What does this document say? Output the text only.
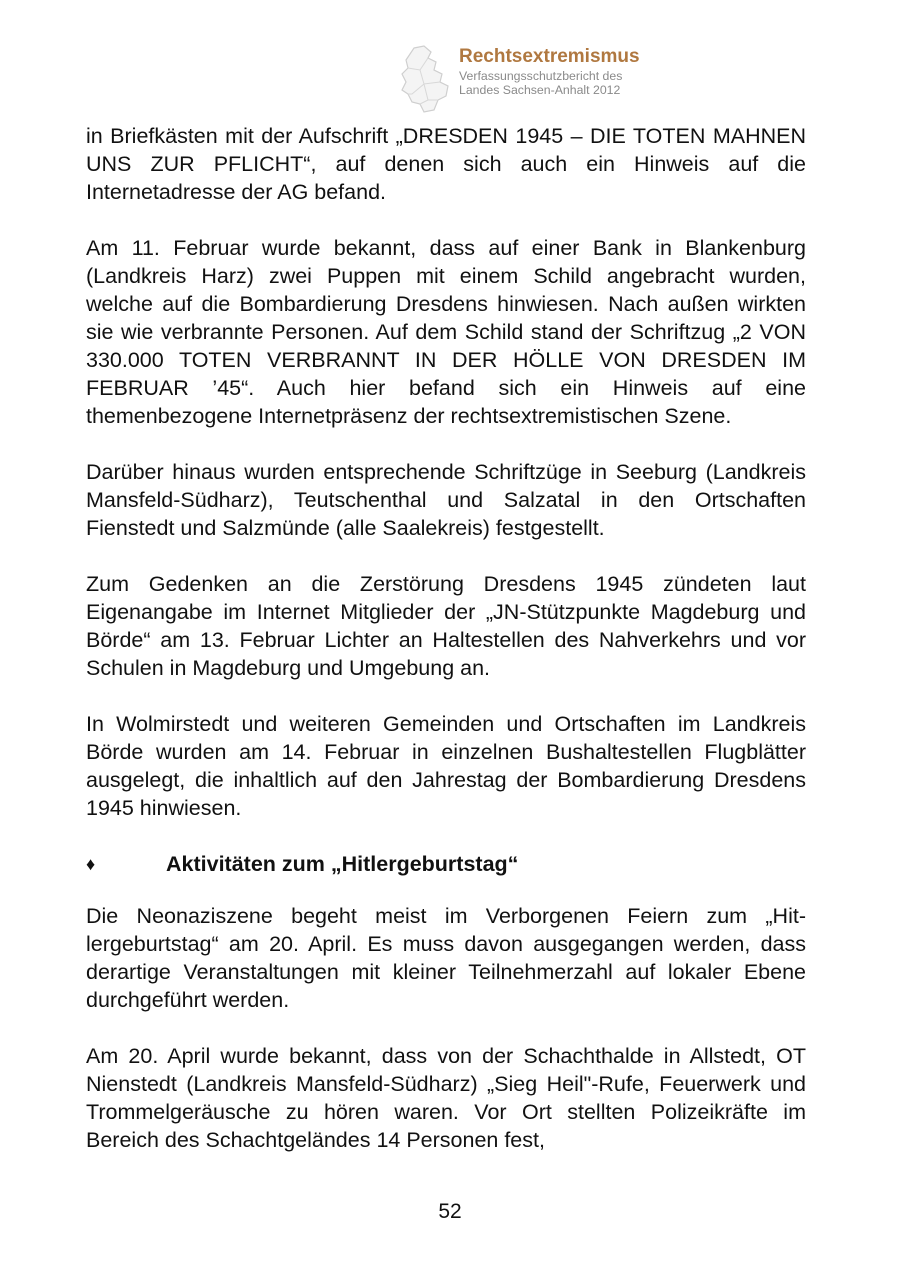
Rechtsextremismus
Verfassungsschutzbericht des
Landes Sachsen-Anhalt 2012

in Briefkästen mit der Aufschrift „DRESDEN 1945 – DIE TOTEN MAHNEN UNS ZUR PFLICHT“, auf denen sich auch ein Hinweis auf die Internetadresse der AG befand.

Am 11. Februar wurde bekannt, dass auf einer Bank in Blankenburg (Landkreis Harz) zwei Puppen mit einem Schild angebracht wurden, welche auf die Bombardierung Dresdens hinwiesen. Nach außen wirkten sie wie verbrannte Personen. Auf dem Schild stand der Schriftzug „2 VON 330.000 TOTEN VERBRANNT IN DER HÖLLE VON DRESDEN IM FEBRUAR ’45“. Auch hier befand sich ein Hinweis auf eine themenbezogene Internetpräsenz der rechtsextremistischen Szene.

Darüber hinaus wurden entsprechende Schriftzüge in Seeburg (Landkreis Mansfeld-Südharz), Teutschenthal und Salzatal in den Ortschaften Fienstedt und Salzmünde (alle Saalekreis) festgestellt.

Zum Gedenken an die Zerstörung Dresdens 1945 zündeten laut Eigenangabe im Internet Mitglieder der „JN-Stützpunkte Magdeburg und Börde“ am 13. Februar Lichter an Haltestellen des Nahverkehrs und vor Schulen in Magdeburg und Umgebung an.

In Wolmirstedt und weiteren Gemeinden und Ortschaften im Landkreis Börde wurden am 14. Februar in einzelnen Bushaltestellen Flugblätter ausgelegt, die inhaltlich auf den Jahrestag der Bombardierung Dresdens 1945 hinwiesen.

♦	Aktivitäten zum „Hitlergeburtstag“

Die Neonaziszene begeht meist im Verborgenen Feiern zum „Hitlergeburtstag“ am 20. April. Es muss davon ausgegangen werden, dass derartige Veranstaltungen mit kleiner Teilnehmerzahl auf lokaler Ebene durchgeführt werden.

Am 20. April wurde bekannt, dass von der Schachthalde in Allstedt, OT Nienstedt (Landkreis Mansfeld-Südharz) „Sieg Heil"-Rufe, Feuerwerk und Trommelgeräusche zu hören waren. Vor Ort stellten Polizeikräfte im Bereich des Schachtgeländes 14 Personen fest,

52
